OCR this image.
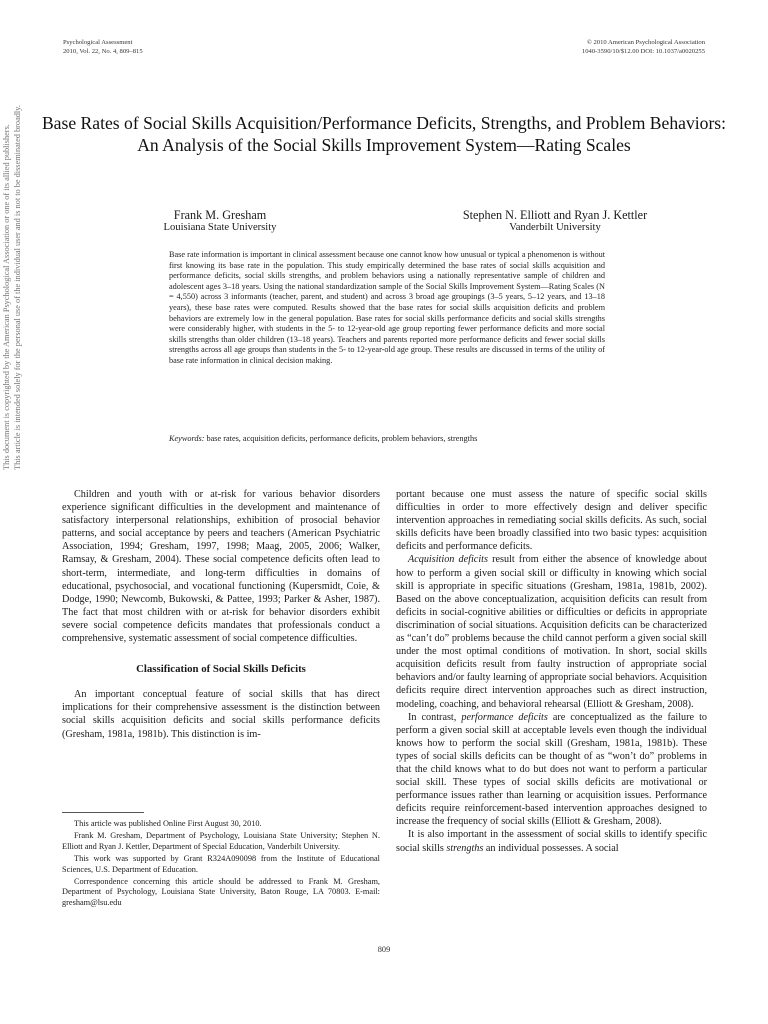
Psychological Assessment
2010, Vol. 22, No. 4, 809–815
© 2010 American Psychological Association
1040-3590/10/$12.00 DOI: 10.1037/a0020255
Base Rates of Social Skills Acquisition/Performance Deficits, Strengths, and Problem Behaviors: An Analysis of the Social Skills Improvement System—Rating Scales
Frank M. Gresham
Louisiana State University
Stephen N. Elliott and Ryan J. Kettler
Vanderbilt University
Base rate information is important in clinical assessment because one cannot know how unusual or typical a phenomenon is without first knowing its base rate in the population. This study empirically determined the base rates of social skills acquisition and performance deficits, social skills strengths, and problem behaviors using a nationally representative sample of children and adolescent ages 3–18 years. Using the national standardization sample of the Social Skills Improvement System—Rating Scales (N = 4,550) across 3 informants (teacher, parent, and student) and across 3 broad age groupings (3–5 years, 5–12 years, and 13–18 years), these base rates were computed. Results showed that the base rates for social skills acquisition deficits and problem behaviors are extremely low in the general population. Base rates for social skills performance deficits and social skills strengths were considerably higher, with students in the 5- to 12-year-old age group reporting fewer performance deficits and more social skills strengths than older children (13–18 years). Teachers and parents reported more performance deficits and fewer social skills strengths across all age groups than students in the 5- to 12-year-old age group. These results are discussed in terms of the utility of base rate information in clinical decision making.
Keywords: base rates, acquisition deficits, performance deficits, problem behaviors, strengths
This document is copyrighted by the American Psychological Association or one of its allied publishers. This article is intended solely for the personal use of the individual user and is not to be disseminated broadly.

Children and youth with or at-risk for various behavior disorders experience significant difficulties in the development and maintenance of satisfactory interpersonal relationships, exhibition of prosocial behavior patterns, and social acceptance by peers and teachers (American Psychiatric Association, 1994; Gresham, 1997, 1998; Maag, 2005, 2006; Walker, Ramsay, & Gresham, 2004). These social competence deficits often lead to short-term, intermediate, and long-term difficulties in domains of educational, psychosocial, and vocational functioning (Kupersmidt, Coie, & Dodge, 1990; Newcomb, Bukowski, & Pattee, 1993; Parker & Asher, 1987). The fact that most children with or at-risk for behavior disorders exhibit severe social competence deficits mandates that professionals conduct a comprehensive, systematic assessment of social competence difficulties.

Classification of Social Skills Deficits

An important conceptual feature of social skills that has direct implications for their comprehensive assessment is the distinction between social skills acquisition deficits and social skills performance deficits (Gresham, 1981a, 1981b). This distinction is im-

This article was published Online First August 30, 2010.

Frank M. Gresham, Department of Psychology, Louisiana State University; Stephen N. Elliott and Ryan J. Kettler, Department of Special Education, Vanderbilt University.

This work was supported by Grant R324A090098 from the Institute of Educational Sciences, U.S. Department of Education.

Correspondence concerning this article should be addressed to Frank M. Gresham, Department of Psychology, Louisiana State University, Baton Rouge, LA 70803. E-mail: gresham@lsu.edu

portant because one must assess the nature of specific social skills difficulties in order to more effectively design and deliver specific intervention approaches in remediating social skills deficits. As such, social skills deficits have been broadly classified into two basic types: acquisition deficits and performance deficits.

Acquisition deficits result from either the absence of knowledge about how to perform a given social skill or difficulty in knowing which social skill is appropriate in specific situations (Gresham, 1981a, 1981b, 2002). Based on the above conceptualization, acquisition deficits can result from deficits in social-cognitive abilities or difficulties or deficits in appropriate discrimination of social situations. Acquisition deficits can be characterized as “can’t do” problems because the child cannot perform a given social skill under the most optimal conditions of motivation. In short, social skills acquisition deficits result from faulty instruction of appropriate social behaviors and/or faulty learning of appropriate social behaviors. Acquisition deficits require direct intervention approaches such as direct instruction, modeling, coaching, and behavioral rehearsal (Elliott & Gresham, 2008).

In contrast, performance deficits are conceptualized as the failure to perform a given social skill at acceptable levels even though the individual knows how to perform the social skill (Gresham, 1981a, 1981b). These types of social skills deficits can be thought of as “won’t do” problems in that the child knows what to do but does not want to perform a particular social skill. These types of social skills deficits are motivational or performance issues rather than learning or acquisition issues. Performance deficits require reinforcement-based intervention approaches designed to increase the frequency of social skills (Elliott & Gresham, 2008).

It is also important in the assessment of social skills to identify specific social skills strengths an individual possesses. A social

809
